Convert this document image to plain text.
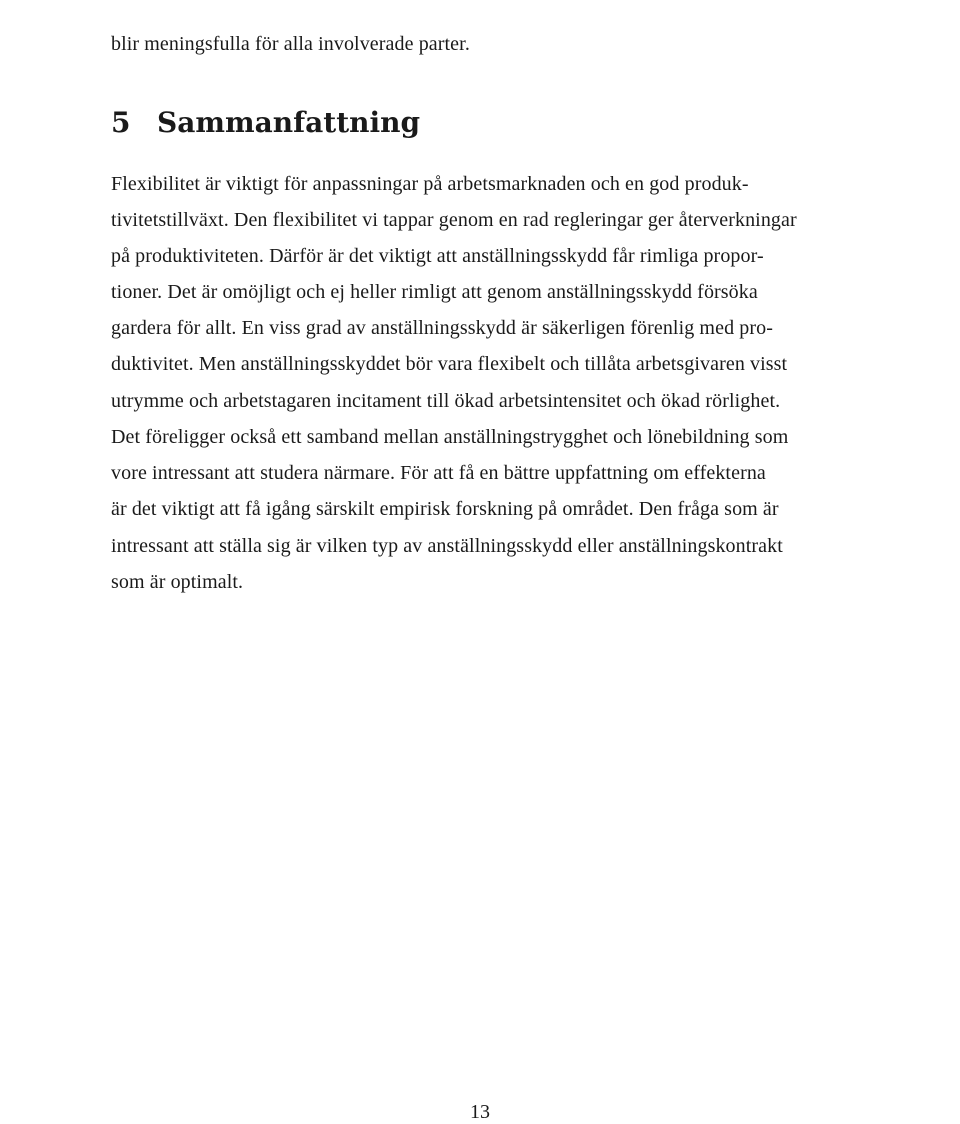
blir meningsfulla för alla involverade parter.

5 Sammanfattning

Flexibilitet är viktigt för anpassningar på arbetsmarknaden och en god produk-

tivitetstillväxt. Den flexibilitet vi tappar genom en rad regleringar ger återverkningar

på produktiviteten. Därför är det viktigt att anställningsskydd får rimliga propor-

tioner. Det är omöjligt och ej heller rimligt att genom anställningsskydd försöka

gardera för allt. En viss grad av anställningsskydd är säkerligen förenlig med pro-

duktivitet. Men anställningsskyddet bör vara flexibelt och tillåta arbetsgivaren visst

utrymme och arbetstagaren incitament till ökad arbetsintensitet och ökad rörlighet.

Det föreligger också ett samband mellan anställningstrygghet och lönebildning som

vore intressant att studera närmare. För att få en bättre uppfattning om effekterna

är det viktigt att få igång särskilt empirisk forskning på området. Den fråga som är

intressant att ställa sig är vilken typ av anställningsskydd eller anställningskontrakt

som är optimalt.

13
